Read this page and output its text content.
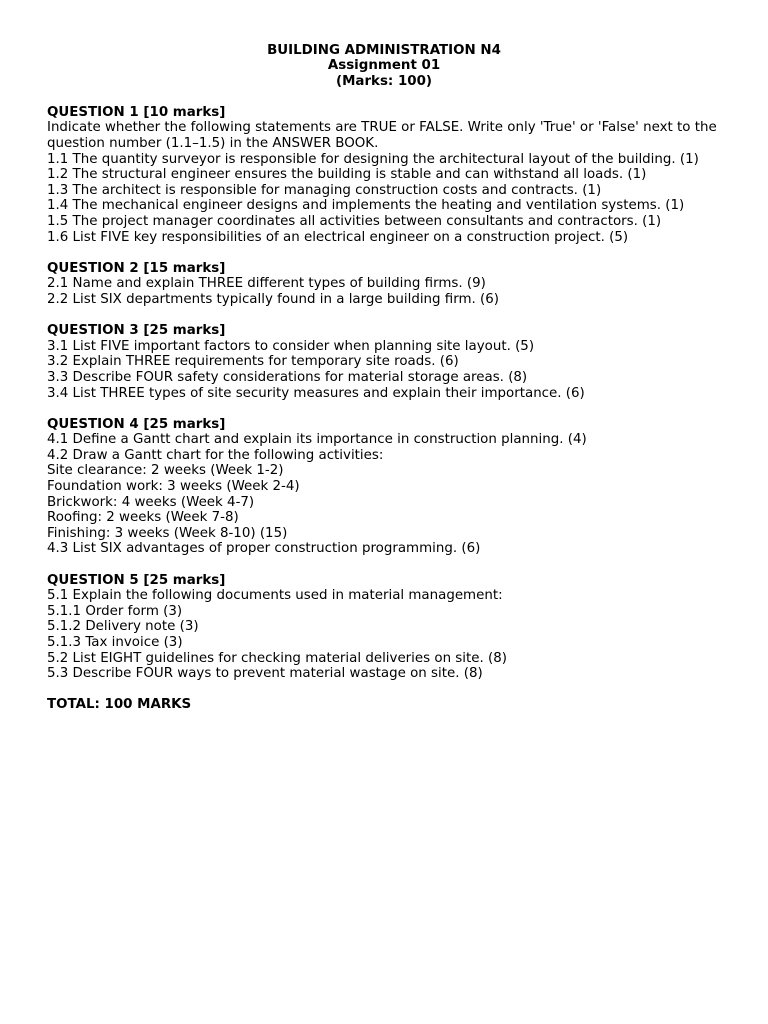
BUILDING ADMINISTRATION N4
Assignment 01
(Marks: 100)
QUESTION 1 [10 marks]
Indicate whether the following statements are TRUE or FALSE. Write only 'True' or 'False' next to the question number (1.1–1.5) in the ANSWER BOOK.
1.1 The quantity surveyor is responsible for designing the architectural layout of the building. (1)
1.2 The structural engineer ensures the building is stable and can withstand all loads. (1)
1.3 The architect is responsible for managing construction costs and contracts. (1)
1.4 The mechanical engineer designs and implements the heating and ventilation systems. (1)
1.5 The project manager coordinates all activities between consultants and contractors. (1)
1.6 List FIVE key responsibilities of an electrical engineer on a construction project. (5)
QUESTION 2 [15 marks]
2.1 Name and explain THREE different types of building firms. (9)
2.2 List SIX departments typically found in a large building firm. (6)
QUESTION 3 [25 marks]
3.1 List FIVE important factors to consider when planning site layout. (5)
3.2 Explain THREE requirements for temporary site roads. (6)
3.3 Describe FOUR safety considerations for material storage areas. (8)
3.4 List THREE types of site security measures and explain their importance. (6)
QUESTION 4 [25 marks]
4.1 Define a Gantt chart and explain its importance in construction planning. (4)
4.2 Draw a Gantt chart for the following activities:
Site clearance: 2 weeks (Week 1-2)
Foundation work: 3 weeks (Week 2-4)
Brickwork: 4 weeks (Week 4-7)
Roofing: 2 weeks (Week 7-8)
Finishing: 3 weeks (Week 8-10) (15)
4.3 List SIX advantages of proper construction programming. (6)
QUESTION 5 [25 marks]
5.1 Explain the following documents used in material management:
5.1.1 Order form (3)
5.1.2 Delivery note (3)
5.1.3 Tax invoice (3)
5.2 List EIGHT guidelines for checking material deliveries on site. (8)
5.3 Describe FOUR ways to prevent material wastage on site. (8)
TOTAL: 100 MARKS
